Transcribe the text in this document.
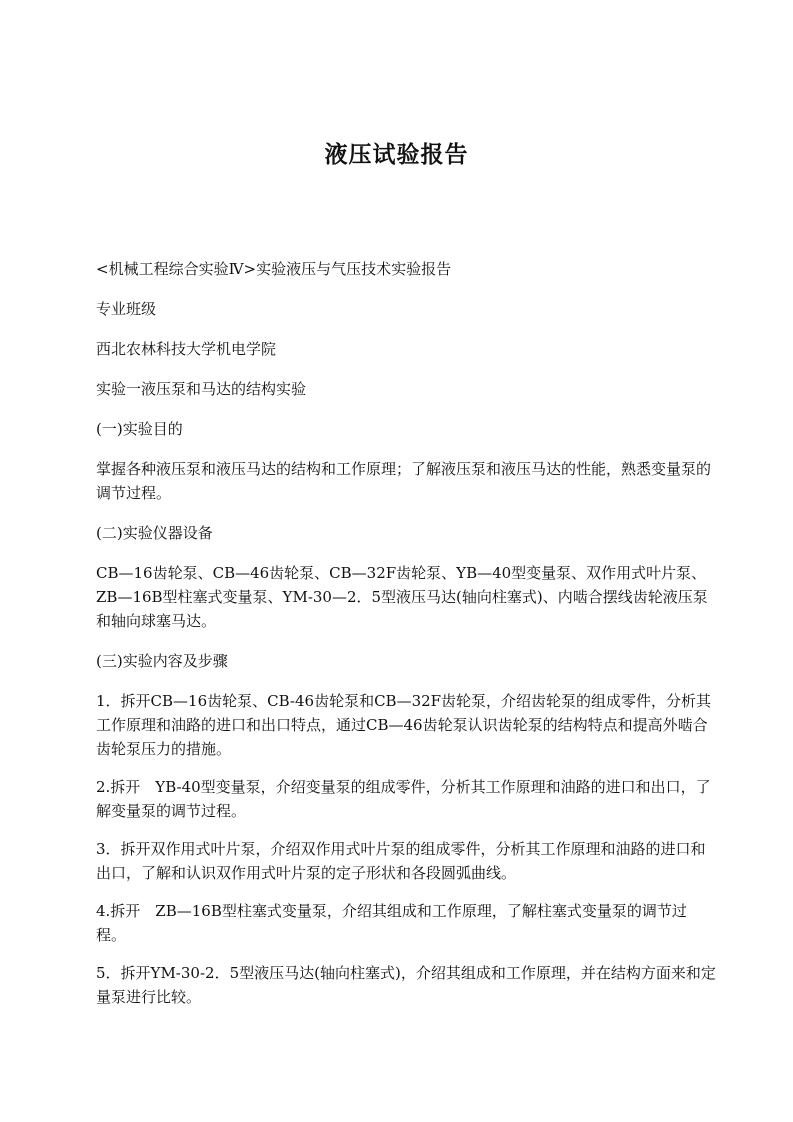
液压试验报告

<机械工程综合实验Ⅳ>实验液压与气压技术实验报告

专业班级

西北农林科技大学机电学院

实验一液压泵和马达的结构实验

(一)实验目的

掌握各种液压泵和液压马达的结构和工作原理；了解液压泵和液压马达的性能，熟悉变量泵的调节过程。

(二)实验仪器设备

CB—16齿轮泵、CB—46齿轮泵、CB—32F齿轮泵、YB—40型变量泵、双作用式叶片泵、ZB—16B型柱塞式变量泵、YM-30—2．5型液压马达(轴向柱塞式)、内啮合摆线齿轮液压泵和轴向球塞马达。

(三)实验内容及步骤

1．拆开CB—16齿轮泵、CB-46齿轮泵和CB—32F齿轮泵，介绍齿轮泵的组成零件，分析其工作原理和油路的进口和出口特点，通过CB—46齿轮泵认识齿轮泵的结构特点和提高外啮合齿轮泵压力的措施。

2.拆开　YB-40型变量泵，介绍变量泵的组成零件，分析其工作原理和油路的进口和出口，了解变量泵的调节过程。

3．拆开双作用式叶片泵，介绍双作用式叶片泵的组成零件，分析其工作原理和油路的进口和出口，了解和认识双作用式叶片泵的定子形状和各段圆弧曲线。

4.拆开　ZB—16B型柱塞式变量泵，介绍其组成和工作原理，了解柱塞式变量泵的调节过程。

5．拆开YM-30-2．5型液压马达(轴向柱塞式)，介绍其组成和工作原理，并在结构方面来和定量泵进行比较。
